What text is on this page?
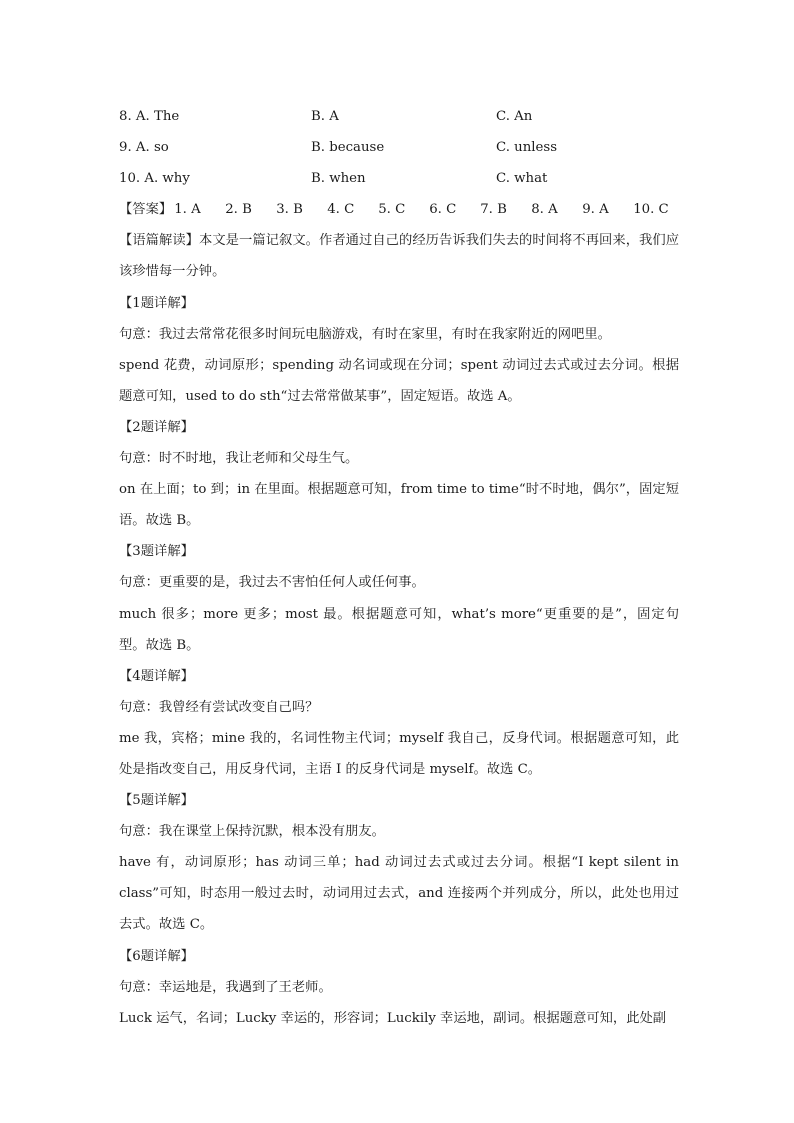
8. A. The	B. A	C. An
9. A. so	B. because	C. unless
10. A. why	B. when	C. what
【答案】 1. A	2. B	3. B	4. C	5. C	6. C	7. B	8. A	9. A	10. C
【语篇解读】本文是一篇记叙文。作者通过自己的经历告诉我们失去的时间将不再回来，我们应该珍惜每一分钟。
【1题详解】
句意：我过去常常花很多时间玩电脑游戏，有时在家里，有时在我家附近的网吧里。
spend 花费，动词原形；spending 动名词或现在分词；spent 动词过去式或过去分词。根据题意可知，used to do sth“过去常常做某事”，固定短语。故选 A。
【2题详解】
句意：时不时地，我让老师和父母生气。
on 在上面；to 到；in 在里面。根据题意可知，from time to time“时不时地，偶尔”，固定短语。故选 B。
【3题详解】
句意：更重要的是，我过去不害怕任何人或任何事。
much 很多；more 更多；most 最。根据题意可知，what’s more“更重要的是”，固定句型。故选 B。
【4题详解】
句意：我曾经有尝试改变自己吗？
me 我，宾格；mine 我的，名词性物主代词；myself 我自己，反身代词。根据题意可知，此处是指改变自己，用反身代词，主语 I 的反身代词是 myself。故选 C。
【5题详解】
句意：我在课堂上保持沉默，根本没有朋友。
have 有，动词原形；has 动词三单；had 动词过去式或过去分词。根据“I kept silent in class”可知，时态用一般过去时，动词用过去式，and 连接两个并列成分，所以，此处也用过去式。故选 C。
【6题详解】
句意：幸运地是，我遇到了王老师。
Luck 运气，名词；Lucky 幸运的，形容词；Luckily 幸运地，副词。根据题意可知，此处副
